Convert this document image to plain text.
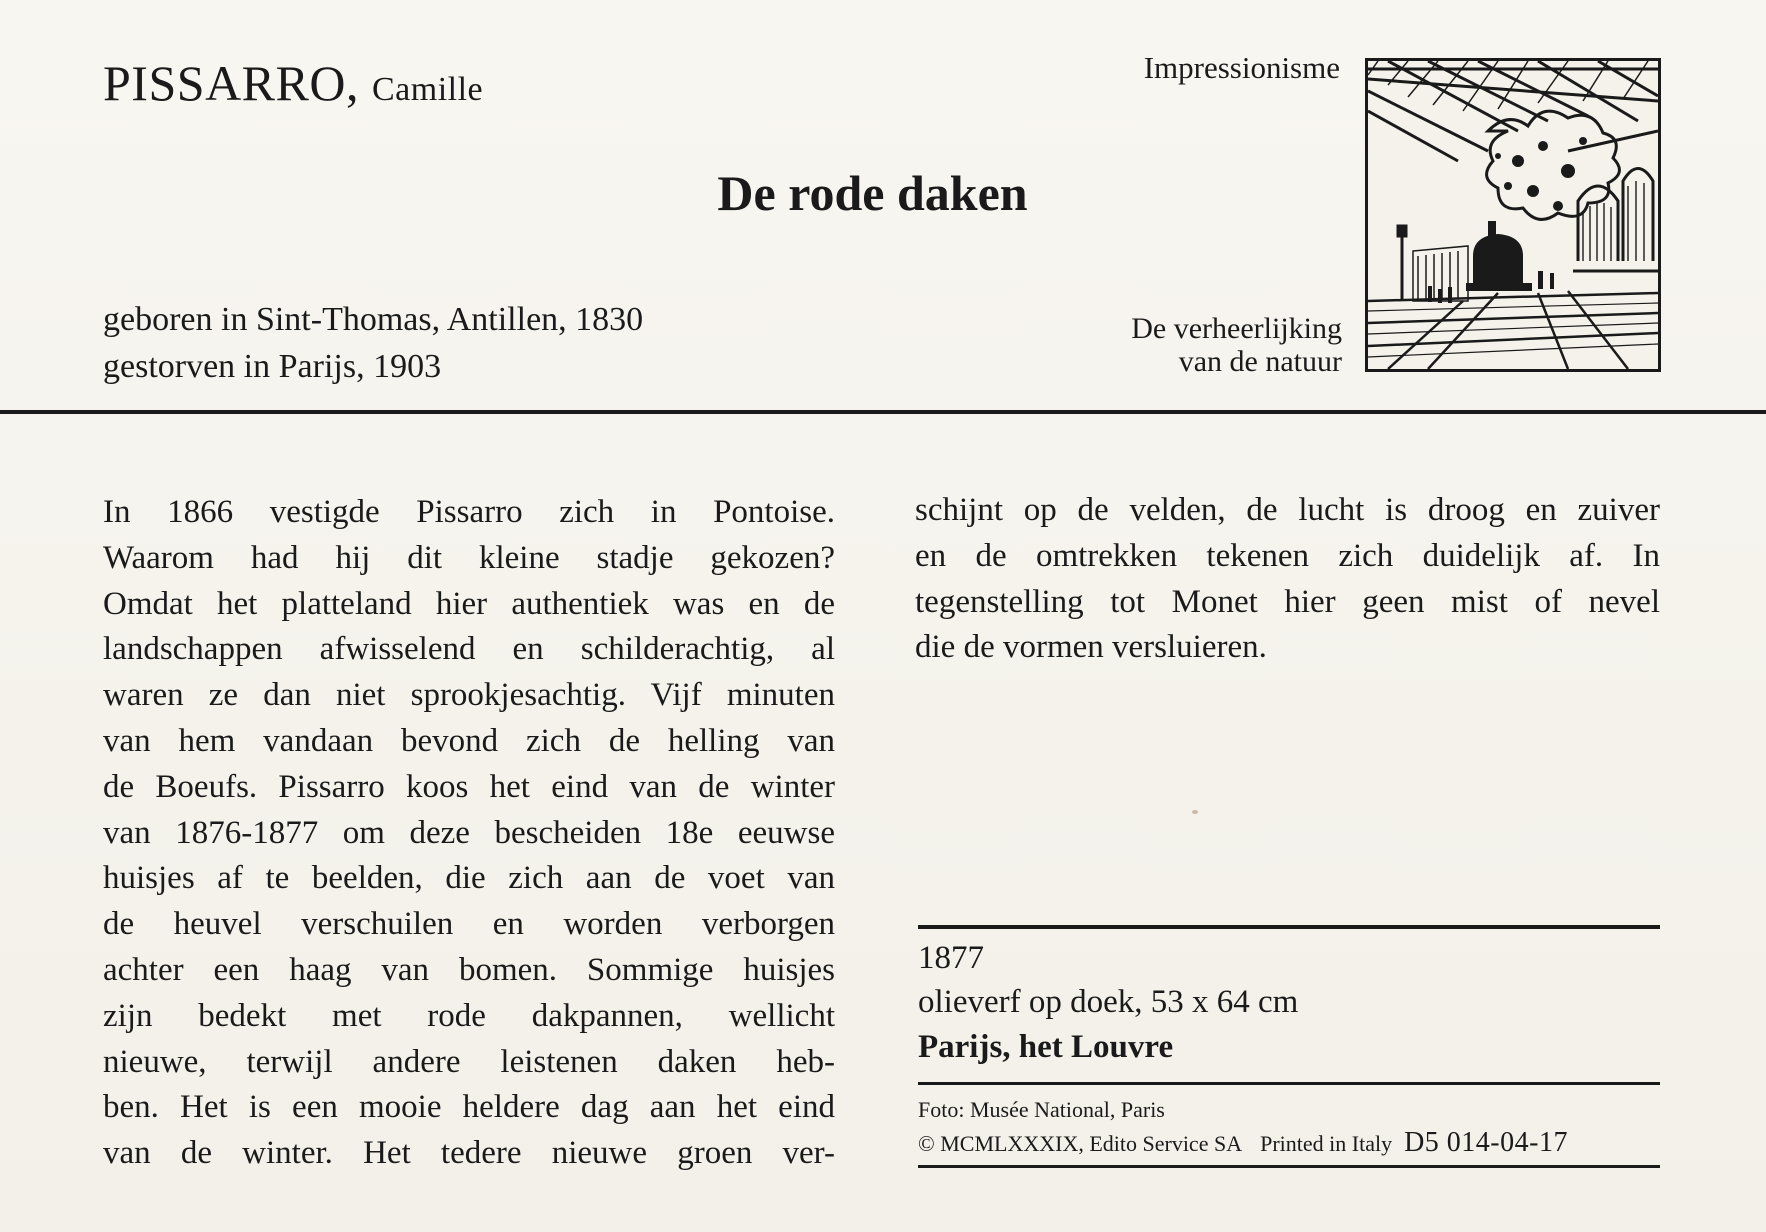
PISSARRO, Camille
Impressionisme
De rode daken
geboren in Sint-Thomas, Antillen, 1830
gestorven in Parijs, 1903
De verheerlijking
van de natuur
In 1866 vestigde Pissarro zich in Pontoise.
Waarom had hij dit kleine stadje gekozen?
Omdat het platteland hier authentiek was en de
landschappen afwisselend en schilderachtig, al
waren ze dan niet sprookjesachtig. Vijf minuten
van hem vandaan bevond zich de helling van
de Boeufs. Pissarro koos het eind van de winter
van 1876-1877 om deze bescheiden 18e eeuwse
huisjes af te beelden, die zich aan de voet van
de heuvel verschuilen en worden verborgen
achter een haag van bomen. Sommige huisjes
zijn bedekt met rode dakpannen, wellicht
nieuwe, terwijl andere leistenen daken heb-
ben. Het is een mooie heldere dag aan het eind
van de winter. Het tedere nieuwe groen ver-
schijnt op de velden, de lucht is droog en zuiver
en de omtrekken tekenen zich duidelijk af. In
tegenstelling tot Monet hier geen mist of nevel
die de vormen versluieren.
1877
olieverf op doek, 53 x 64 cm
Parijs, het Louvre
Foto: Musée National, Paris
© MCMLXXXIX, Edito Service SA Printed in Italy D5 014-04-17
